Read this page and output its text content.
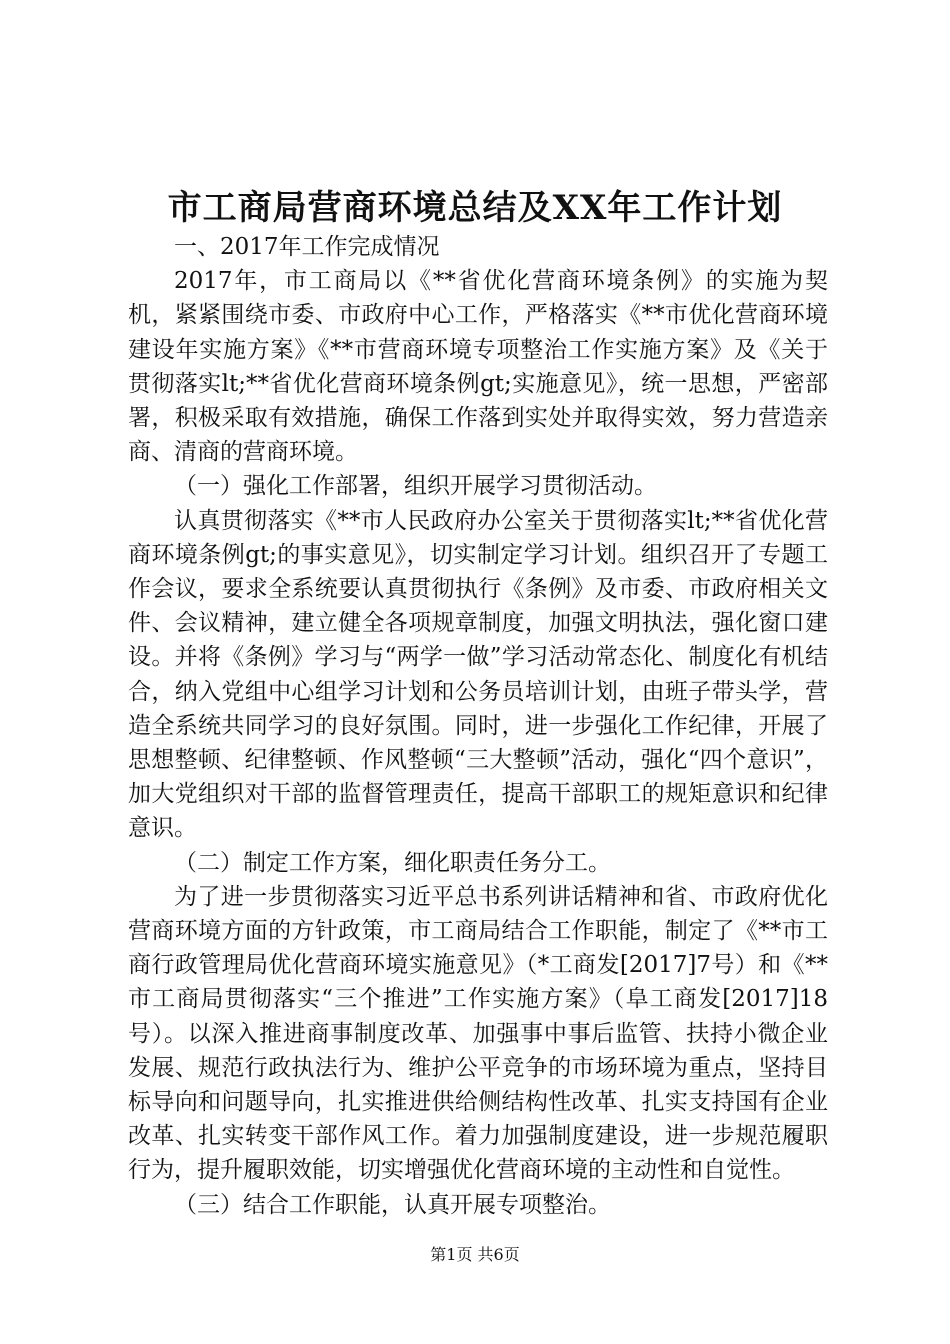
市工商局营商环境总结及XX年工作计划

一、2017年工作完成情况

2017年，市工商局以《**省优化营商环境条例》的实施为契机，紧紧围绕市委、市政府中心工作，严格落实《**市优化营商环境建设年实施方案》《**市营商环境专项整治工作实施方案》及《关于贯彻落实lt;**省优化营商环境条例gt;实施意见》，统一思想，严密部署，积极采取有效措施，确保工作落到实处并取得实效，努力营造亲商、清商的营商环境。

（一）强化工作部署，组织开展学习贯彻活动。

认真贯彻落实《**市人民政府办公室关于贯彻落实lt;**省优化营商环境条例gt;的事实意见》，切实制定学习计划。组织召开了专题工作会议，要求全系统要认真贯彻执行《条例》及市委、市政府相关文件、会议精神，建立健全各项规章制度，加强文明执法，强化窗口建设。并将《条例》学习与“两学一做”学习活动常态化、制度化有机结合，纳入党组中心组学习计划和公务员培训计划，由班子带头学，营造全系统共同学习的良好氛围。同时，进一步强化工作纪律，开展了思想整顿、纪律整顿、作风整顿“三大整顿”活动，强化“四个意识”，加大党组织对干部的监督管理责任，提高干部职工的规矩意识和纪律意识。

（二）制定工作方案，细化职责任务分工。

为了进一步贯彻落实习近平总书系列讲话精神和省、市政府优化营商环境方面的方针政策，市工商局结合工作职能，制定了《**市工商行政管理局优化营商环境实施意见》（*工商发[2017]7号）和《**市工商局贯彻落实“三个推进”工作实施方案》（阜工商发[2017]18号）。以深入推进商事制度改革、加强事中事后监管、扶持小微企业发展、规范行政执法行为、维护公平竞争的市场环境为重点，坚持目标导向和问题导向，扎实推进供给侧结构性改革、扎实支持国有企业改革、扎实转变干部作风工作。着力加强制度建设，进一步规范履职行为，提升履职效能，切实增强优化营商环境的主动性和自觉性。

（三）结合工作职能，认真开展专项整治。

第1页 共6页
